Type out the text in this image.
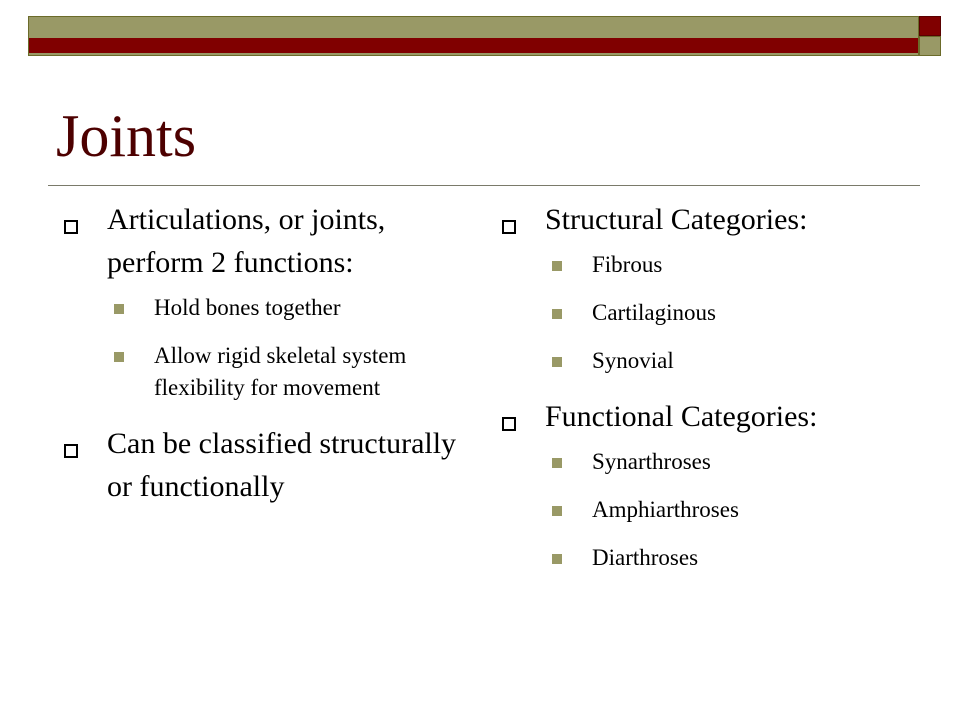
Joints
Articulations, or joints, perform 2 functions:
Hold bones together
Allow rigid skeletal system flexibility for movement
Can be classified structurally or functionally
Structural Categories:
Fibrous
Cartilaginous
Synovial
Functional Categories:
Synarthroses
Amphiarthroses
Diarthroses
